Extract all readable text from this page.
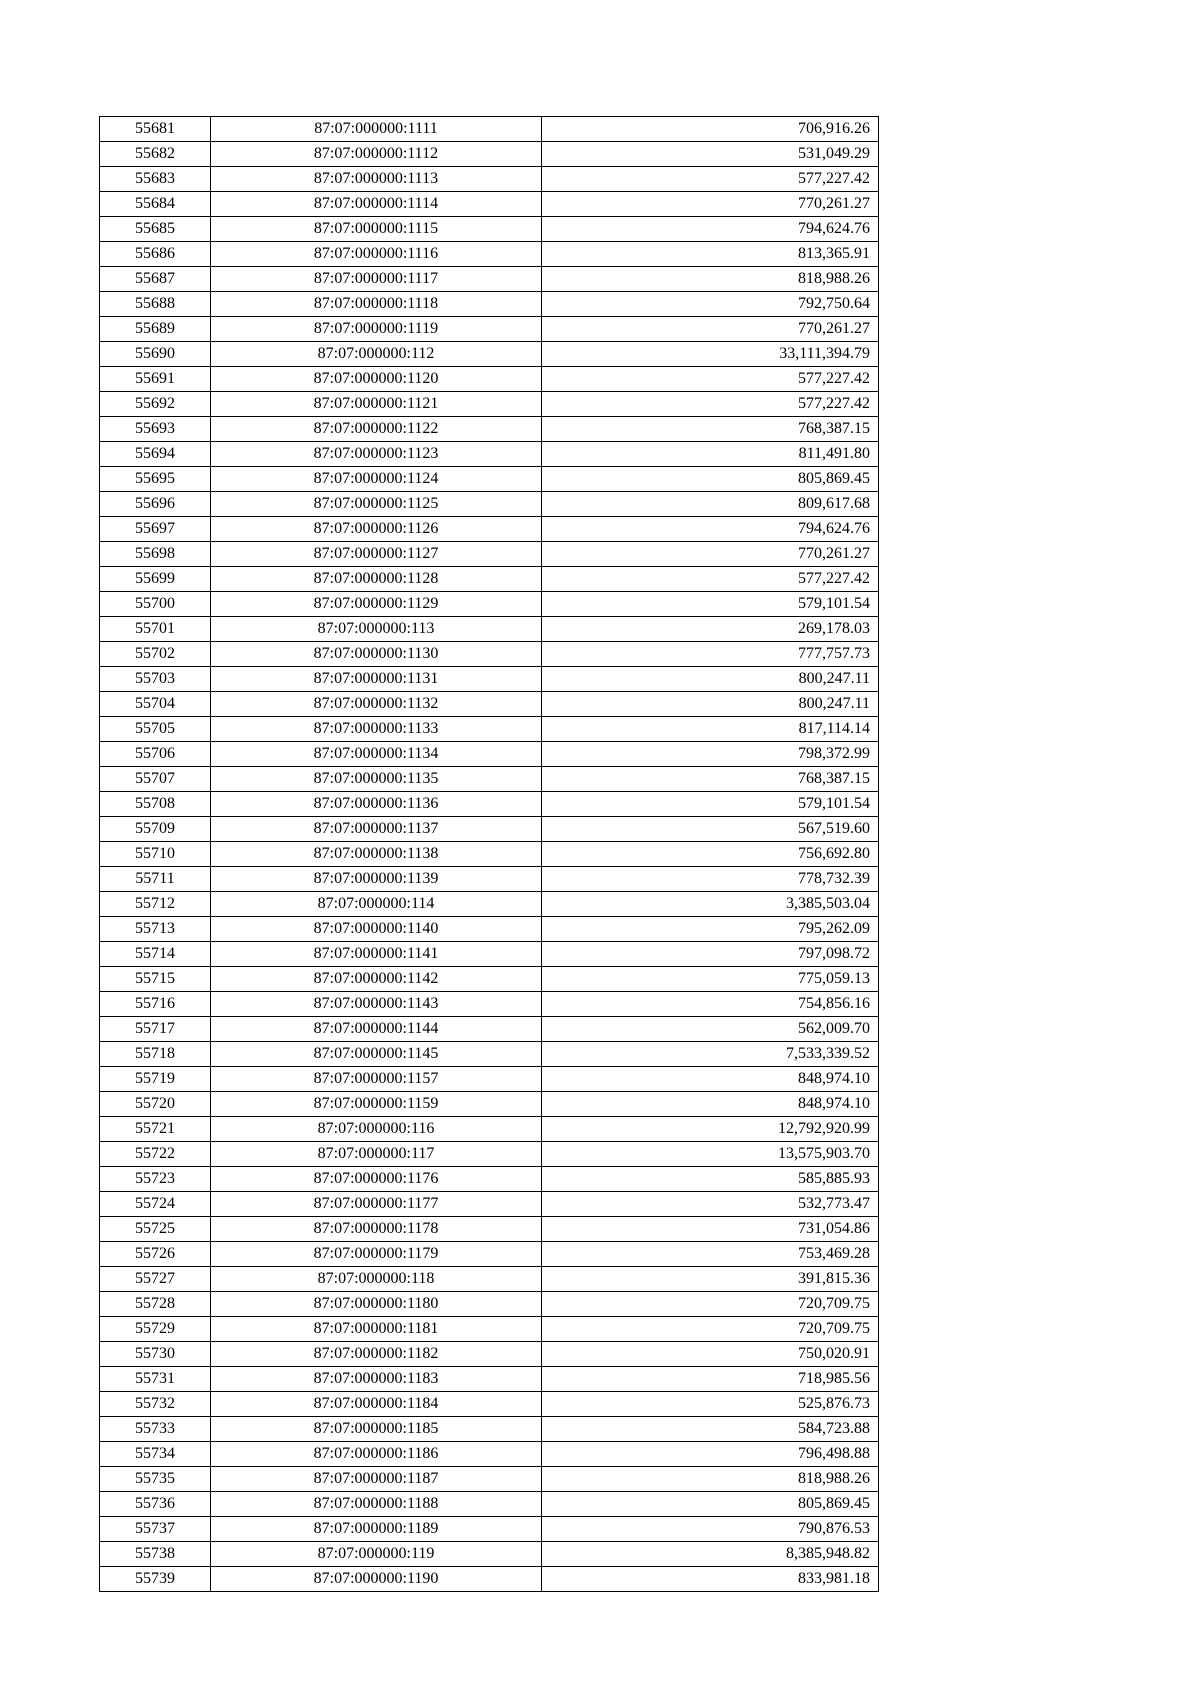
55681	87:07:000000:1111	706,916.26
55682	87:07:000000:1112	531,049.29
55683	87:07:000000:1113	577,227.42
55684	87:07:000000:1114	770,261.27
55685	87:07:000000:1115	794,624.76
55686	87:07:000000:1116	813,365.91
55687	87:07:000000:1117	818,988.26
55688	87:07:000000:1118	792,750.64
55689	87:07:000000:1119	770,261.27
55690	87:07:000000:112	33,111,394.79
55691	87:07:000000:1120	577,227.42
55692	87:07:000000:1121	577,227.42
55693	87:07:000000:1122	768,387.15
55694	87:07:000000:1123	811,491.80
55695	87:07:000000:1124	805,869.45
55696	87:07:000000:1125	809,617.68
55697	87:07:000000:1126	794,624.76
55698	87:07:000000:1127	770,261.27
55699	87:07:000000:1128	577,227.42
55700	87:07:000000:1129	579,101.54
55701	87:07:000000:113	269,178.03
55702	87:07:000000:1130	777,757.73
55703	87:07:000000:1131	800,247.11
55704	87:07:000000:1132	800,247.11
55705	87:07:000000:1133	817,114.14
55706	87:07:000000:1134	798,372.99
55707	87:07:000000:1135	768,387.15
55708	87:07:000000:1136	579,101.54
55709	87:07:000000:1137	567,519.60
55710	87:07:000000:1138	756,692.80
55711	87:07:000000:1139	778,732.39
55712	87:07:000000:114	3,385,503.04
55713	87:07:000000:1140	795,262.09
55714	87:07:000000:1141	797,098.72
55715	87:07:000000:1142	775,059.13
55716	87:07:000000:1143	754,856.16
55717	87:07:000000:1144	562,009.70
55718	87:07:000000:1145	7,533,339.52
55719	87:07:000000:1157	848,974.10
55720	87:07:000000:1159	848,974.10
55721	87:07:000000:116	12,792,920.99
55722	87:07:000000:117	13,575,903.70
55723	87:07:000000:1176	585,885.93
55724	87:07:000000:1177	532,773.47
55725	87:07:000000:1178	731,054.86
55726	87:07:000000:1179	753,469.28
55727	87:07:000000:118	391,815.36
55728	87:07:000000:1180	720,709.75
55729	87:07:000000:1181	720,709.75
55730	87:07:000000:1182	750,020.91
55731	87:07:000000:1183	718,985.56
55732	87:07:000000:1184	525,876.73
55733	87:07:000000:1185	584,723.88
55734	87:07:000000:1186	796,498.88
55735	87:07:000000:1187	818,988.26
55736	87:07:000000:1188	805,869.45
55737	87:07:000000:1189	790,876.53
55738	87:07:000000:119	8,385,948.82
55739	87:07:000000:1190	833,981.18
